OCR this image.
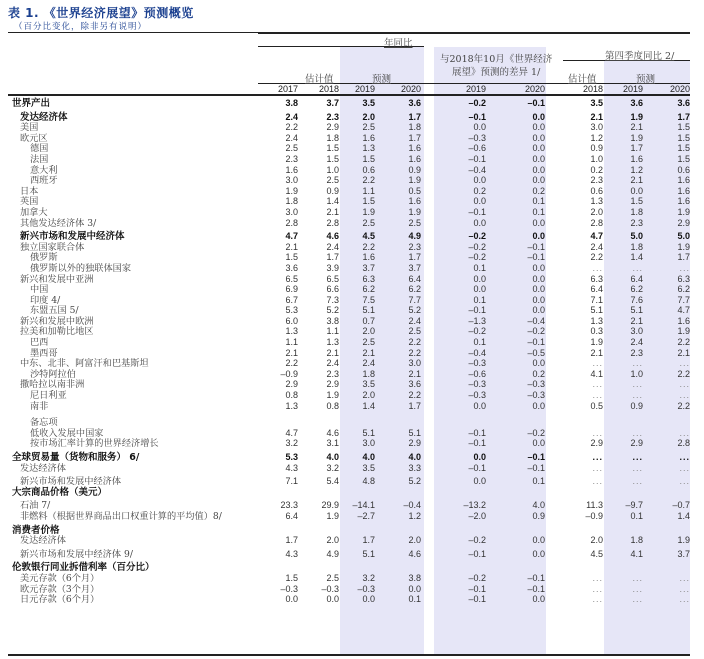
表 1. 《世界经济展望》预测概览
（百分比变化，除非另有说明）
年同比
估计值	预测
与2018年10月《世界经济
展望》预测的差异 1/
第四季度同比 2/
估计值	预测
2017	2018	2019	2020	2019	2020	2018	2019	2020
世界产出	3.8	3.7	3.5	3.6	–0.2	–0.1	3.5	3.6	3.6
发达经济体	2.4	2.3	2.0	1.7	–0.1	0.0	2.1	1.9	1.7
美国	2.2	2.9	2.5	1.8	0.0	0.0	3.0	2.1	1.5
欧元区	2.4	1.8	1.6	1.7	–0.3	0.0	1.2	1.9	1.5
德国	2.5	1.5	1.3	1.6	–0.6	0.0	0.9	1.7	1.5
法国	2.3	1.5	1.5	1.6	–0.1	0.0	1.0	1.6	1.5
意大利	1.6	1.0	0.6	0.9	–0.4	0.0	0.2	1.2	0.6
西班牙	3.0	2.5	2.2	1.9	0.0	0.0	2.3	2.1	1.6
日本	1.9	0.9	1.1	0.5	0.2	0.2	0.6	0.0	1.6
英国	1.8	1.4	1.5	1.6	0.0	0.1	1.3	1.5	1.6
加拿大	3.0	2.1	1.9	1.9	–0.1	0.1	2.0	1.8	1.9
其他发达经济体 3/	2.8	2.8	2.5	2.5	0.0	0.0	2.8	2.3	2.9
新兴市场和发展中经济体	4.7	4.6	4.5	4.9	–0.2	0.0	4.7	5.0	5.0
独立国家联合体	2.1	2.4	2.2	2.3	–0.2	–0.1	2.4	1.8	1.9
俄罗斯	1.5	1.7	1.6	1.7	–0.2	–0.1	2.2	1.4	1.7
俄罗斯以外的独联体国家	3.6	3.9	3.7	3.7	0.1	0.0	...	...	...
新兴和发展中亚洲	6.5	6.5	6.3	6.4	0.0	0.0	6.3	6.4	6.3
中国	6.9	6.6	6.2	6.2	0.0	0.0	6.4	6.2	6.2
印度 4/	6.7	7.3	7.5	7.7	0.1	0.0	7.1	7.6	7.7
东盟五国 5/	5.3	5.2	5.1	5.2	–0.1	0.0	5.1	5.1	4.7
新兴和发展中欧洲	6.0	3.8	0.7	2.4	–1.3	–0.4	1.3	2.1	1.6
拉美和加勒比地区	1.3	1.1	2.0	2.5	–0.2	–0.2	0.3	3.0	1.9
巴西	1.1	1.3	2.5	2.2	0.1	–0.1	1.9	2.4	2.2
墨西哥	2.1	2.1	2.1	2.2	–0.4	–0.5	2.1	2.3	2.1
中东、北非、阿富汗和巴基斯坦	2.2	2.4	2.4	3.0	–0.3	0.0	...	...	...
沙特阿拉伯	–0.9	2.3	1.8	2.1	–0.6	0.2	4.1	1.0	2.2
撒哈拉以南非洲	2.9	2.9	3.5	3.6	–0.3	–0.3	...	...	...
尼日利亚	0.8	1.9	2.0	2.2	–0.3	–0.3	...	...	...
南非	1.3	0.8	1.4	1.7	0.0	0.0	0.5	0.9	2.2
备忘项
低收入发展中国家	4.7	4.6	5.1	5.1	–0.1	–0.2	...	...	...
按市场汇率计算的世界经济增长	3.2	3.1	3.0	2.9	–0.1	0.0	2.9	2.9	2.8
全球贸易量（货物和服务） 6/	5.3	4.0	4.0	4.0	0.0	–0.1	...	...	...
发达经济体	4.3	3.2	3.5	3.3	–0.1	–0.1	...	...	...
新兴市场和发展中经济体	7.1	5.4	4.8	5.2	0.0	0.1	...	...	...
大宗商品价格（美元）
石油 7/	23.3	29.9	–14.1	–0.4	–13.2	4.0	11.3	–9.7	–0.7
非燃料（根据世界商品出口权重计算的平均值）8/	6.4	1.9	–2.7	1.2	–2.0	0.9	–0.9	0.1	1.4
消费者价格
发达经济体	1.7	2.0	1.7	2.0	–0.2	0.0	2.0	1.8	1.9
新兴市场和发展中经济体 9/	4.3	4.9	5.1	4.6	–0.1	0.0	4.5	4.1	3.7
伦敦银行同业拆借利率（百分比）
美元存款（6个月）	1.5	2.5	3.2	3.8	–0.2	–0.1	...	...	...
欧元存款（3个月）	–0.3	–0.3	–0.3	0.0	–0.1	–0.1	...	...	...
日元存款（6个月）	0.0	0.0	0.0	0.1	–0.1	0.0	...	...	...
